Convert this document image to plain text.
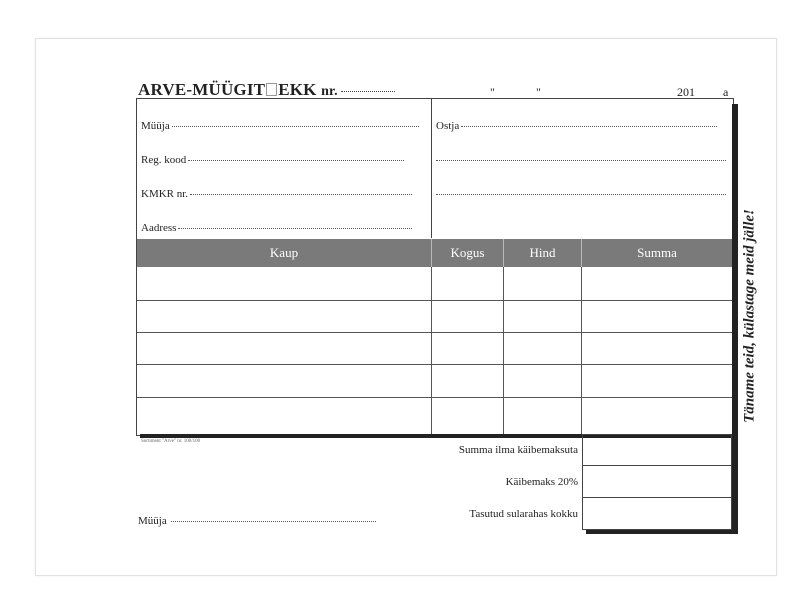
ARVE-MÜÜGIT EKK nr.	"	"	201 a
Müüja
Reg. kood
KMKR nr.
Aadress
Ostja
Kaup	Kogus	Hind	Summa
Sortiment "Arve" nr. 100/100
Summa ilma käibemaksuta
Käibemaks 20%
Tasutud sularahas kokku
Müüja
Täname teid, külastage meid jälle!
